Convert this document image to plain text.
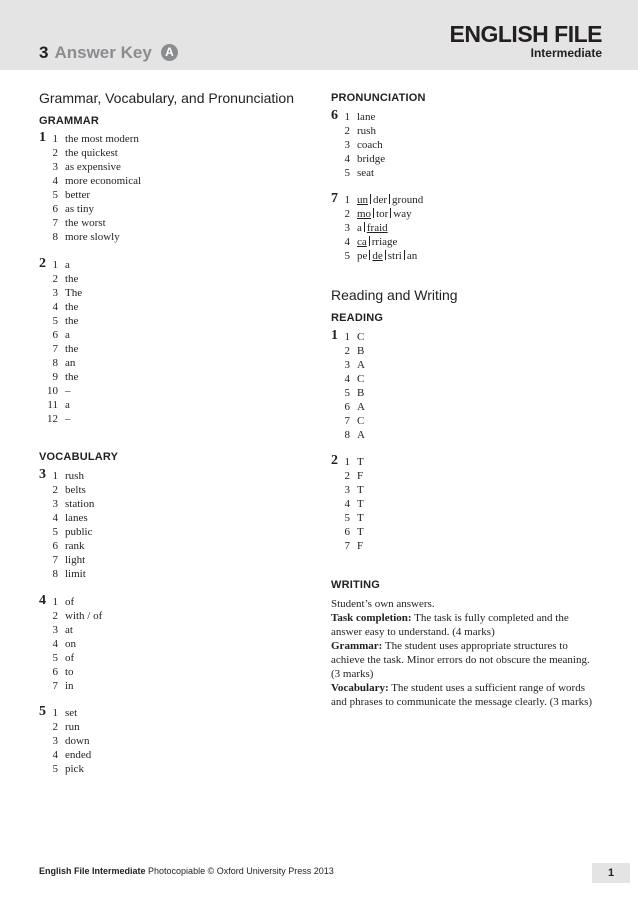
3 Answer Key	A
ENGLISH FILE
Intermediate
Grammar, Vocabulary, and Pronunciation
GRAMMAR
1 1 the most modern
2 the quickest
3 as expensive
4 more economical
5 better
6 as tiny
7 the worst
8 more slowly
2 1 a
2 the
3 The
4 the
5 the
6 a
7 the
8 an
9 the
10 –
11 a
12 –
VOCABULARY
3 1 rush
2 belts
3 station
4 lanes
5 public
6 rank
7 light
8 limit
4 1 of
2 with / of
3 at
4 on
5 of
6 to
7 in
5 1 set
2 run
3 down
4 ended
5 pick
PRONUNCIATION
6 1 lane
2 rush
3 coach
4 bridge
5 seat
7 1 un der ground
2 mo tor way
3 a fraid
4 ca rriage
5 pe de stri an
Reading and Writing
READING
1 1 C
2 B
3 A
4 C
5 B
6 A
7 C
8 A
2 1 T
2 F
3 T
4 T
5 T
6 T
7 F
WRITING
Student’s own answers.
Task completion: The task is fully completed and the answer easy to understand. (4 marks)
Grammar: The student uses appropriate structures to achieve the task. Minor errors do not obscure the meaning. (3 marks)
Vocabulary: The student uses a sufficient range of words and phrases to communicate the message clearly. (3 marks)
English File Intermediate Photocopiable © Oxford University Press 2013	1
